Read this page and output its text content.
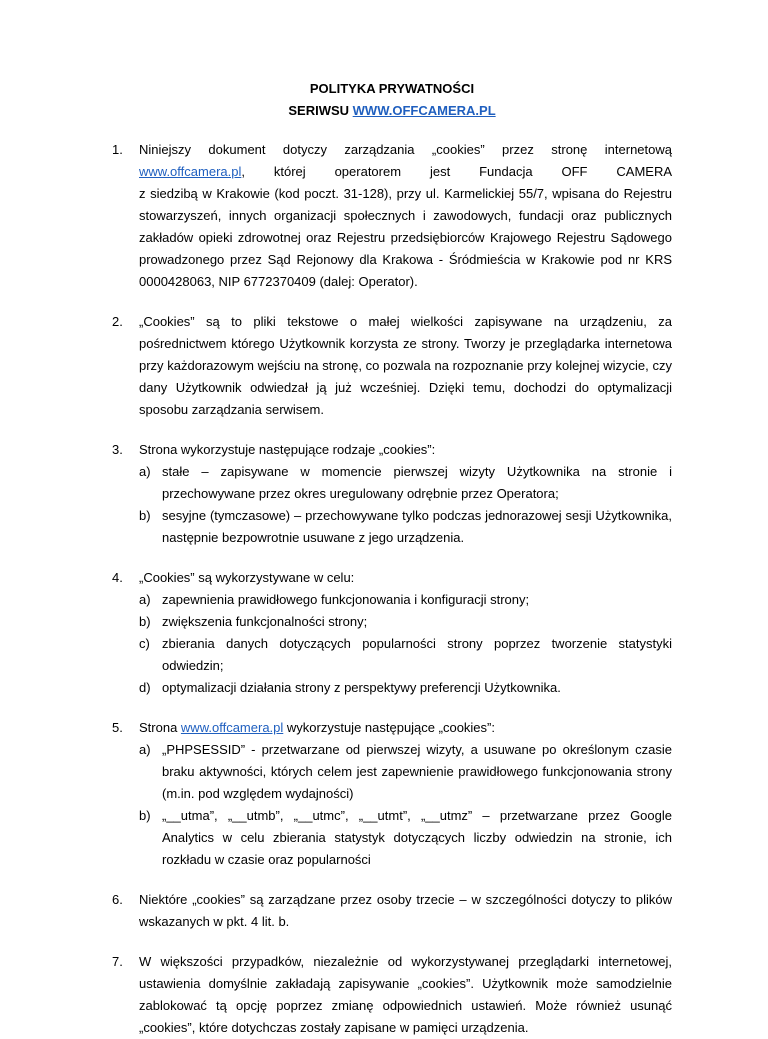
POLITYKA PRYWATNOŚCI
SERIWSU WWW.OFFCAMERA.PL
1. Niniejszy dokument dotyczy zarządzania „cookies” przez stronę internetową www.offcamera.pl, której operatorem jest Fundacja OFF CAMERA
z siedzibą w Krakowie (kod poczt. 31-128), przy ul. Karmelickiej 55/7, wpisana do Rejestru stowarzyszeń, innych organizacji społecznych i zawodowych, fundacji oraz publicznych zakładów opieki zdrowotnej oraz Rejestru przedsiębiorców Krajowego Rejestru Sądowego prowadzonego przez Sąd Rejonowy dla Krakowa - Śródmieścia w Krakowie pod nr KRS 0000428063, NIP 6772370409 (dalej: Operator).
2. „Cookies” są to pliki tekstowe o małej wielkości zapisywane na urządzeniu, za pośrednictwem którego Użytkownik korzysta ze strony. Tworzy je przeglądarka internetowa przy każdorazowym wejściu na stronę, co pozwala na rozpoznanie przy kolejnej wizycie, czy dany Użytkownik odwiedzał ją już wcześniej. Dzięki temu, dochodzi do optymalizacji sposobu zarządzania serwisem.
3. Strona wykorzystuje następujące rodzaje „cookies”:
a) stałe – zapisywane w momencie pierwszej wizyty Użytkownika na stronie i przechowywane przez okres uregulowany odrębnie przez Operatora;
b) sesyjne (tymczasowe) – przechowywane tylko podczas jednorazowej sesji Użytkownika, następnie bezpowrotnie usuwane z jego urządzenia.
4. „Cookies” są wykorzystywane w celu:
a) zapewnienia prawidłowego funkcjonowania i konfiguracji strony;
b) zwiększenia funkcjonalności strony;
c) zbierania danych dotyczących popularności strony poprzez tworzenie statystyki odwiedzin;
d) optymalizacji działania strony z perspektywy preferencji Użytkownika.
5. Strona www.offcamera.pl wykorzystuje następujące „cookies”:
a) „PHPSESSID” - przetwarzane od pierwszej wizyty, a usuwane po określonym czasie braku aktywności, których celem jest zapewnienie prawidłowego funkcjonowania strony (m.in. pod względem wydajności)
b) „__utma”, „__utmb”, „__utmc”, „__utmt”, „__utmz” – przetwarzane przez Google Analytics w celu zbierania statystyk dotyczących liczby odwiedzin na stronie, ich rozkładu w czasie oraz popularności
6. Niektóre „cookies” są zarządzane przez osoby trzecie – w szczególności dotyczy to plików wskazanych w pkt. 4 lit. b.
7. W większości przypadków, niezależnie od wykorzystywanej przeglądarki internetowej, ustawienia domyślnie zakładają zapisywanie „cookies”. Użytkownik może samodzielnie zablokować tą opcję poprzez zmianę odpowiednich ustawień. Może również usunąć „cookies”, które dotychczas zostały zapisane w pamięci urządzenia.
